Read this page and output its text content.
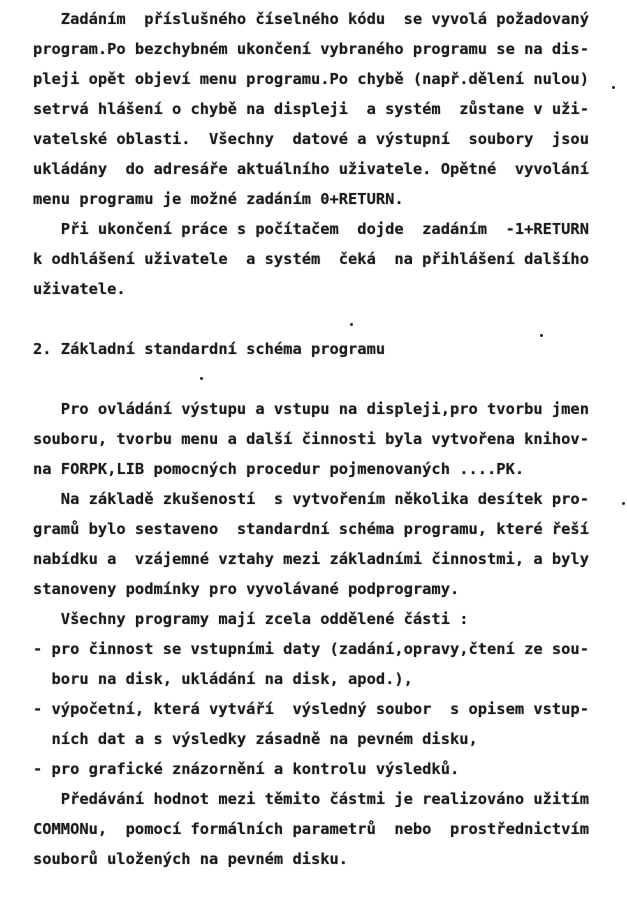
Zadáním  příslušného číselného kódu  se vyvolá požadovaný
program.Po bezchybném ukončení vybraného programu se na dis-
pleji opět objeví menu programu.Po chybě (např.dělení nulou)
setrvá hlášení o chybě na displeji  a systém  zůstane v uži-
vatelské oblasti.  Všechny  datové a výstupní  soubory  jsou
ukládány  do adresáře aktuálního uživatele. Opětné  vyvolání
menu programu je možné zadáním 0+RETURN.
Při ukončení práce s počítačem  dojde  zadáním  -1+RETURN
k odhlášení uživatele  a systém  čeká  na přihlášení dalšího
uživatele.
2. Základní standardní schéma programu
Pro ovládání výstupu a vstupu na displeji,pro tvorbu jmen
souboru, tvorbu menu a další činnosti byla vytvořena knihov-
na FORPK,LIB pomocných procedur pojmenovaných ....PK.
Na základě zkušeností  s vytvořením několika desítek pro-
gramů bylo sestaveno  standardní schéma programu, které řeší
nabídku a  vzájemné vztahy mezi základními činnostmi, a byly
stanoveny podmínky pro vyvolávané podprogramy.
Všechny programy mají zcela oddělené části :
- pro činnost se vstupními daty (zadání,opravy,čtení ze sou-
boru na disk, ukládání na disk, apod.),
- výpočetní, která vytváří  výsledný soubor  s opisem vstup-
ních dat a s výsledky zásadně na pevném disku,
- pro grafické znázornění a kontrolu výsledků.
Předávání hodnot mezi těmito částmi je realizováno užitím
COMMONu,  pomocí formálních parametrů  nebo  prostřednictvím
souborů uložených na pevném disku.
